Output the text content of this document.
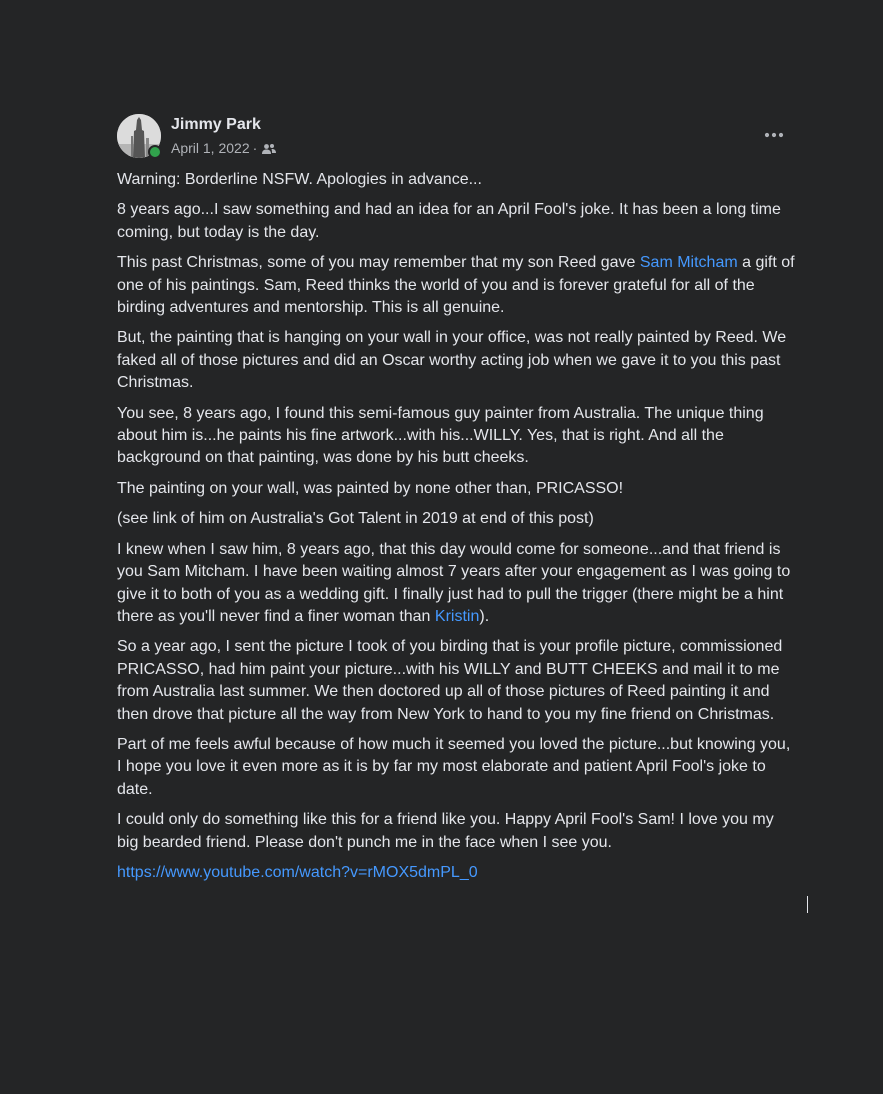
Jimmy Park
April 1, 2022 ·

Warning: Borderline NSFW. Apologies in advance...

8 years ago...I saw something and had an idea for an April Fool's joke. It has been a long time coming, but today is the day.

This past Christmas, some of you may remember that my son Reed gave Sam Mitcham a gift of one of his paintings. Sam, Reed thinks the world of you and is forever grateful for all of the birding adventures and mentorship. This is all genuine.

But, the painting that is hanging on your wall in your office, was not really painted by Reed. We faked all of those pictures and did an Oscar worthy acting job when we gave it to you this past Christmas.

You see, 8 years ago, I found this semi-famous guy painter from Australia. The unique thing about him is...he paints his fine artwork...with his...WILLY. Yes, that is right. And all the background on that painting, was done by his butt cheeks.

The painting on your wall, was painted by none other than, PRICASSO!

(see link of him on Australia's Got Talent in 2019 at end of this post)

I knew when I saw him, 8 years ago, that this day would come for someone...and that friend is you Sam Mitcham. I have been waiting almost 7 years after your engagement as I was going to give it to both of you as a wedding gift. I finally just had to pull the trigger (there might be a hint there as you'll never find a finer woman than Kristin).

So a year ago, I sent the picture I took of you birding that is your profile picture, commissioned PRICASSO, had him paint your picture...with his WILLY and BUTT CHEEKS and mail it to me from Australia last summer. We then doctored up all of those pictures of Reed painting it and then drove that picture all the way from New York to hand to you my fine friend on Christmas.

Part of me feels awful because of how much it seemed you loved the picture...but knowing you, I hope you love it even more as it is by far my most elaborate and patient April Fool's joke to date.

I could only do something like this for a friend like you. Happy April Fool's Sam! I love you my big bearded friend. Please don't punch me in the face when I see you.

https://www.youtube.com/watch?v=rMOX5dmPL_0
